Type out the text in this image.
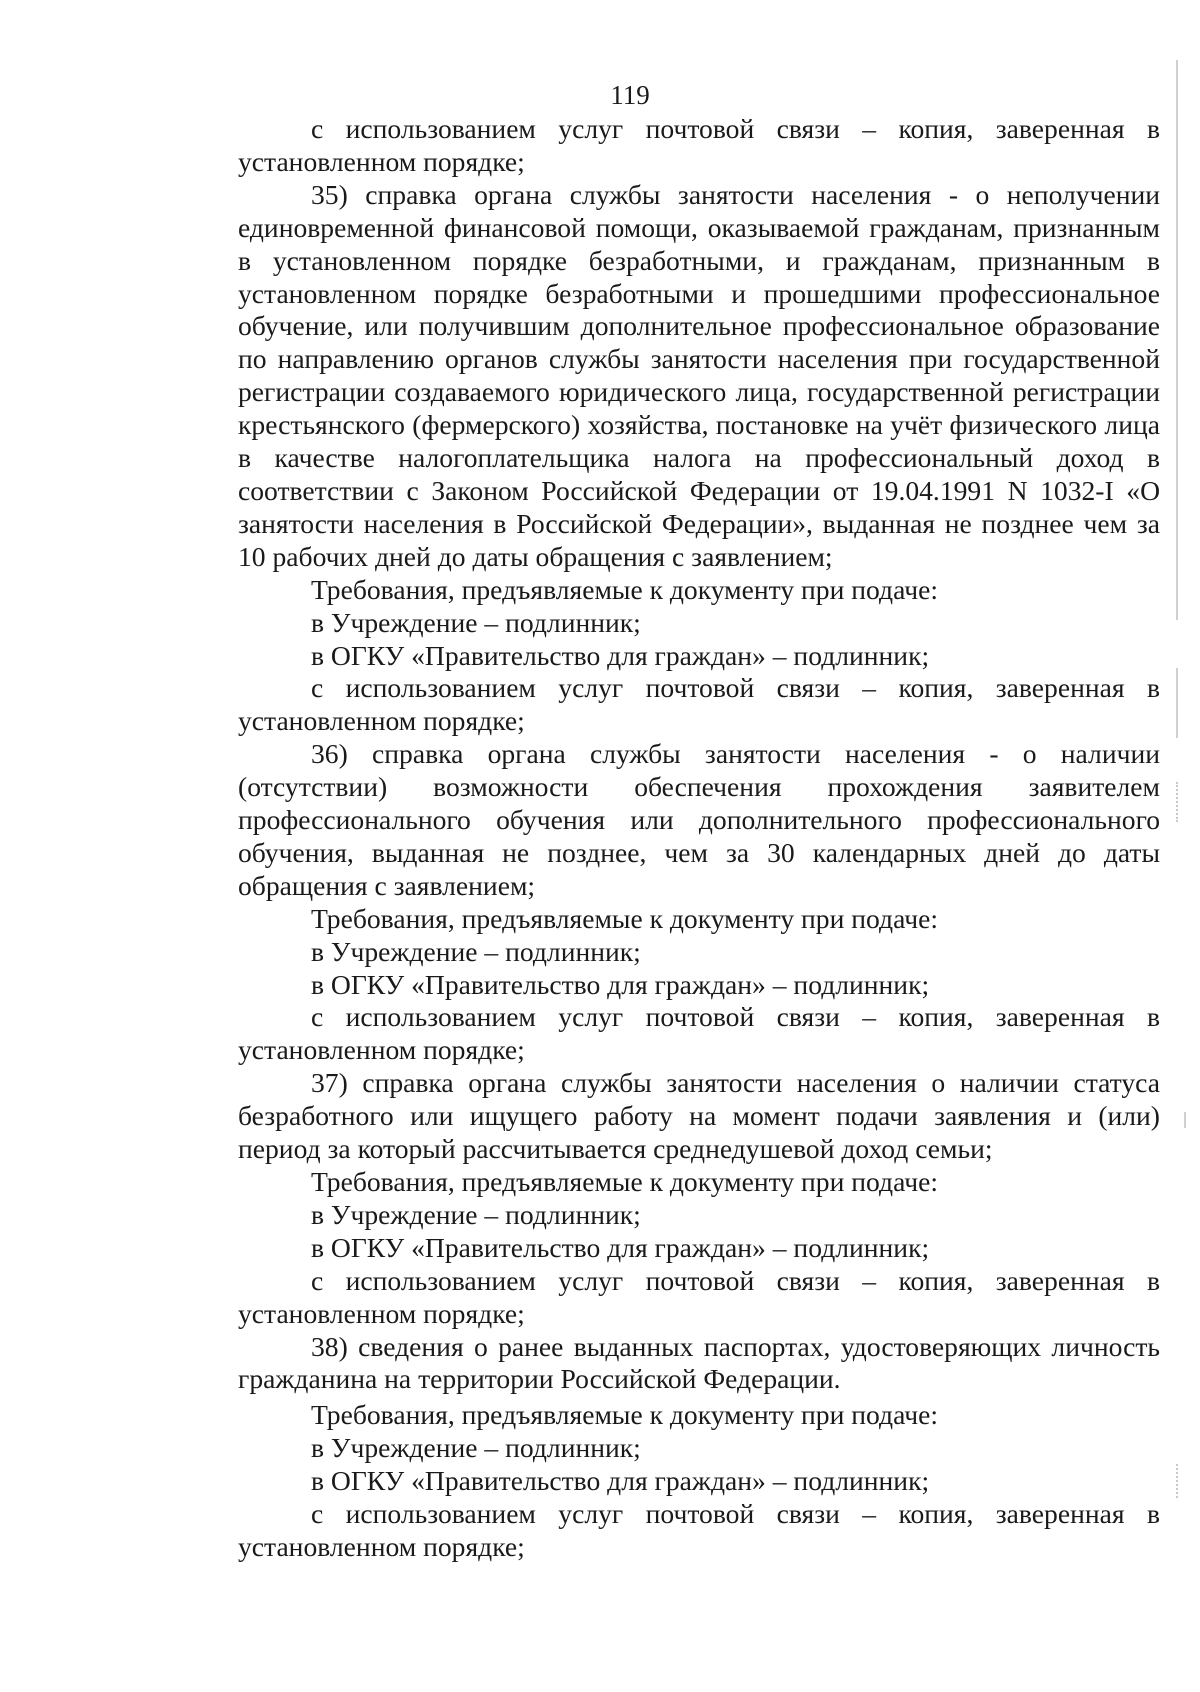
119

с использованием услуг почтовой связи – копия, заверенная в установленном порядке;

35) справка органа службы занятости населения - о неполучении единовременной финансовой помощи, оказываемой гражданам, признанным в установленном порядке безработными, и гражданам, признанным в установленном порядке безработными и прошедшими профессиональное обучение, или получившим дополнительное профессиональное образование по направлению органов службы занятости населения при государственной регистрации создаваемого юридического лица, государственной регистрации крестьянского (фермерского) хозяйства, постановке на учёт физического лица в качестве налогоплательщика налога на профессиональный доход в соответствии с Законом Российской Федерации от 19.04.1991 N 1032-I «О занятости населения в Российской Федерации», выданная не позднее чем за 10 рабочих дней до даты обращения с заявлением;

Требования, предъявляемые к документу при подаче:

в Учреждение – подлинник;

в ОГКУ «Правительство для граждан» – подлинник;

с использованием услуг почтовой связи – копия, заверенная в установленном порядке;

36) справка органа службы занятости населения - о наличии (отсутствии) возможности обеспечения прохождения заявителем профессионального обучения или дополнительного профессионального обучения, выданная не позднее, чем за 30 календарных дней до даты обращения с заявлением;

Требования, предъявляемые к документу при подаче:

в Учреждение – подлинник;

в ОГКУ «Правительство для граждан» – подлинник;

с использованием услуг почтовой связи – копия, заверенная в установленном порядке;

37) справка органа службы занятости населения о наличии статуса безработного или ищущего работу на момент подачи заявления и (или) период за который рассчитывается среднедушевой доход семьи;

Требования, предъявляемые к документу при подаче:

в Учреждение – подлинник;

в ОГКУ «Правительство для граждан» – подлинник;

с использованием услуг почтовой связи – копия, заверенная в установленном порядке;

38) сведения о ранее выданных паспортах, удостоверяющих личность гражданина на территории Российской Федерации.

Требования, предъявляемые к документу при подаче:

в Учреждение – подлинник;

в ОГКУ «Правительство для граждан» – подлинник;

с использованием услуг почтовой связи – копия, заверенная в установленном порядке;
